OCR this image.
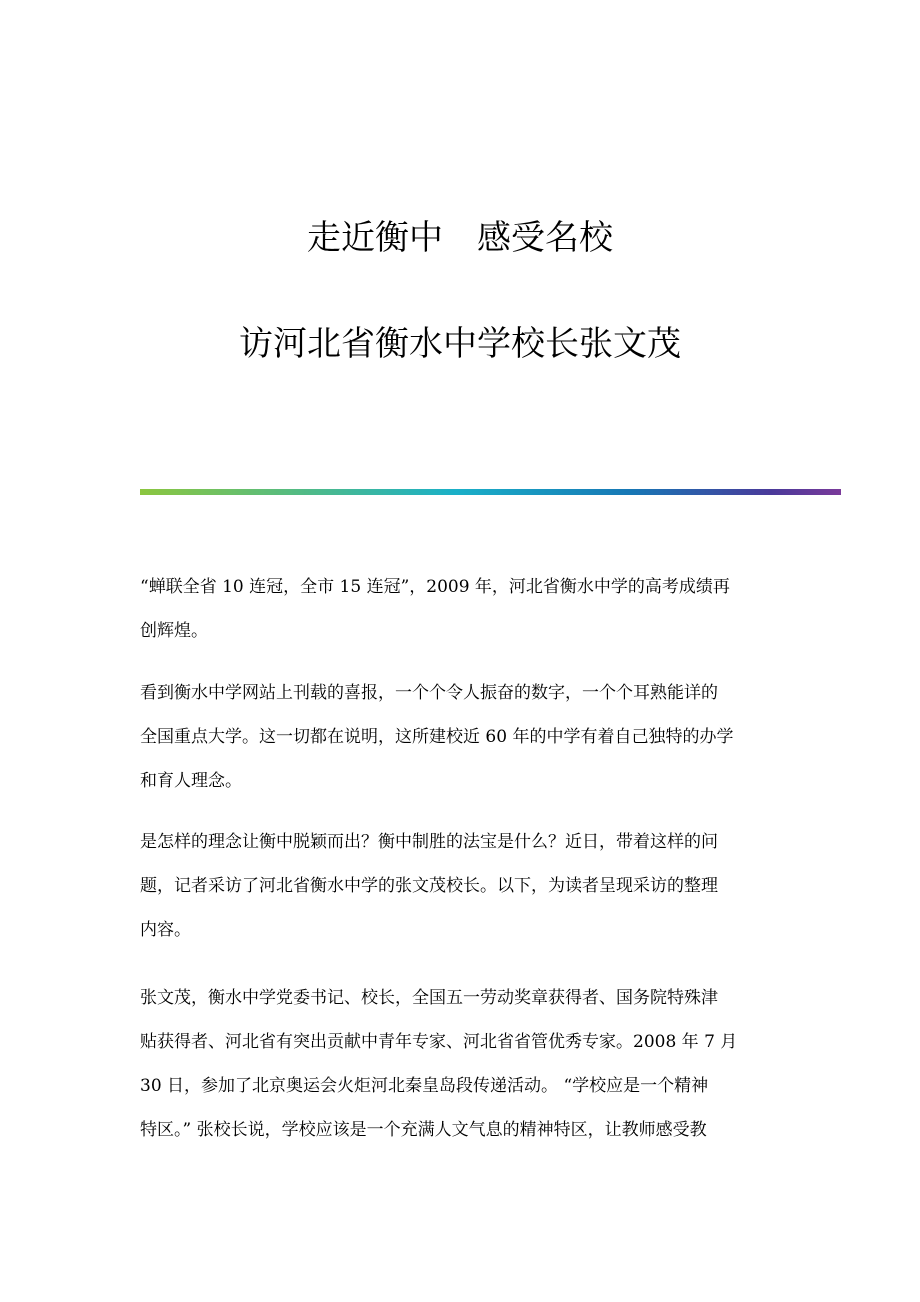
走近衡中　感受名校
访河北省衡水中学校长张文茂
“蝉联全省 10 连冠，全市 15 连冠”，2009 年，河北省衡水中学的高考成绩再
创辉煌。
看到衡水中学网站上刊载的喜报，一个个令人振奋的数字，一个个耳熟能详的
全国重点大学。这一切都在说明，这所建校近 60 年的中学有着自己独特的办学
和育人理念。
是怎样的理念让衡中脱颖而出？衡中制胜的法宝是什么？近日，带着这样的问
题，记者采访了河北省衡水中学的张文茂校长。以下，为读者呈现采访的整理
内容。
张文茂，衡水中学党委书记、校长，全国五一劳动奖章获得者、国务院特殊津
贴获得者、河北省有突出贡献中青年专家、河北省省管优秀专家。2008 年 7 月
30 日，参加了北京奥运会火炬河北秦皇岛段传递活动。 “学校应是一个精神
特区。” 张校长说，学校应该是一个充满人文气息的精神特区，让教师感受教
